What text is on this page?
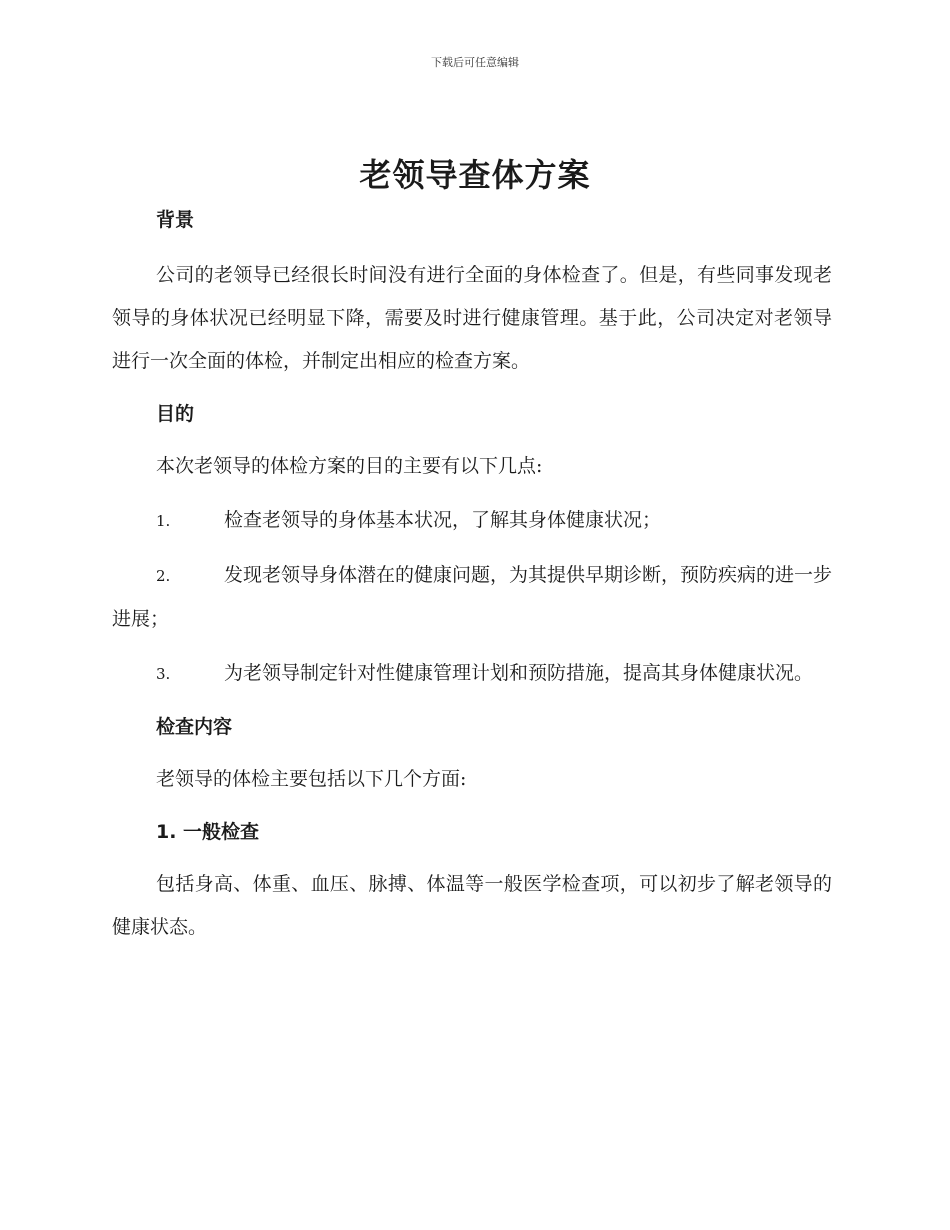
下载后可任意编辑
老领导查体方案
背景

公司的老领导已经很长时间没有进行全面的身体检查了。但是，有些同事发现老领导的身体状况已经明显下降，需要及时进行健康管理。基于此，公司决定对老领导进行一次全面的体检，并制定出相应的检查方案。

目的

本次老领导的体检方案的目的主要有以下几点:

1.	检查老领导的身体基本状况，了解其身体健康状况；

2.	发现老领导身体潜在的健康问题，为其提供早期诊断，预防疾病的进一步进展；

3.	为老领导制定针对性健康管理计划和预防措施，提高其身体健康状况。

检查内容

老领导的体检主要包括以下几个方面:

1. 一般检查

包括身高、体重、血压、脉搏、体温等一般医学检查项，可以初步了解老领导的健康状态。
